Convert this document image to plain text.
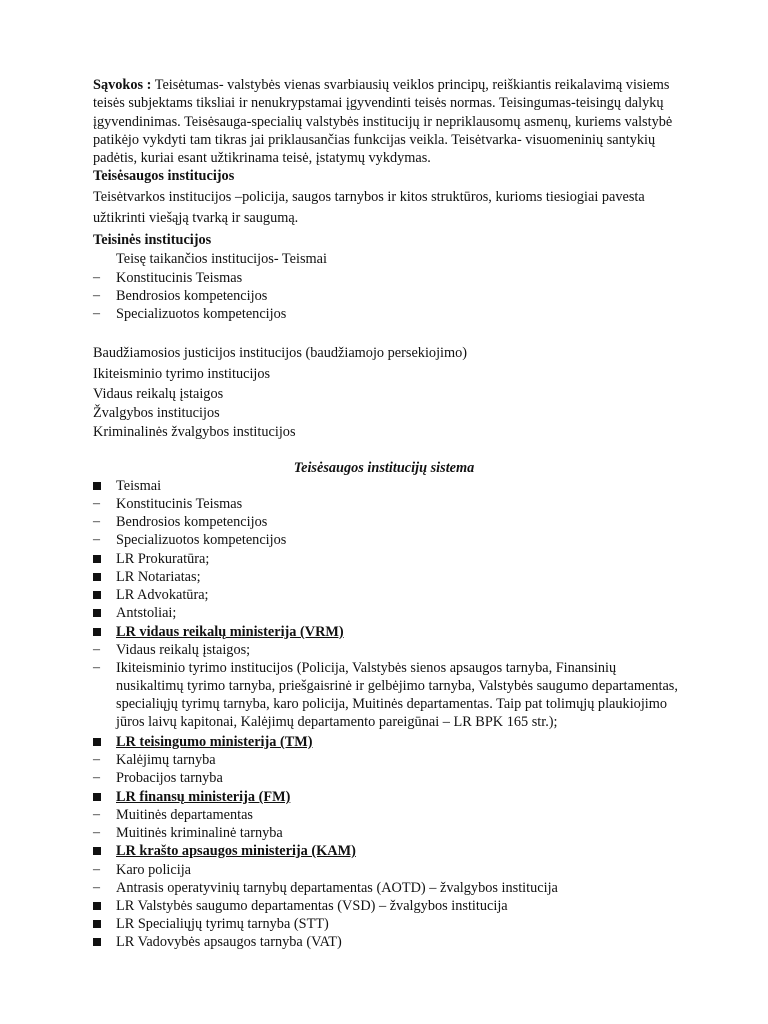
Sąvokos : Teisėtumas- valstybės vienas svarbiausių veiklos principų, reiškiantis reikalavimą visiems
teisės subjektams tiksliai ir nenukrypstamai įgyvendinti teisės normas. Teisingumas-teisingų dalykų
įgyvendinimas. Teisėsauga-specialių valstybės institucijų ir nepriklausomų asmenų, kuriems valstybė
patikėjo vykdyti tam tikras jai priklausančias funkcijas veikla. Teisėtvarka- visuomeninių santykių
padėtis, kuriai esant užtikrinama teisė, įstatymų vykdymas.
Teisėsaugos institucijos
Teisėtvarkos institucijos –policija, saugos tarnybos ir kitos struktūros, kurioms tiesiogiai pavesta
užtikrinti viešąją tvarką ir saugumą.
Teisinės institucijos
Teisę taikančios institucijos- Teismai
– Konstitucinis Teismas
– Bendrosios kompetencijos
– Specializuotos kompetencijos
Baudžiamosios justicijos institucijos (baudžiamojo persekiojimo)
Ikiteisminio tyrimo institucijos
Vidaus reikalų įstaigos
Žvalgybos institucijos
Kriminalinės žvalgybos institucijos
Teisėsaugos institucijų sistema
Teismai
– Konstitucinis Teismas
– Bendrosios kompetencijos
– Specializuotos kompetencijos
LR Prokuratūra;
LR Notariatas;
LR Advokatūra;
Antstoliai;
LR vidaus reikalų ministerija (VRM)
– Vidaus reikalų įstaigos;
– Ikiteisminio tyrimo institucijos (Policija, Valstybės sienos apsaugos tarnyba, Finansinių
nusikaltimų tyrimo tarnyba, priešgaisrinė ir gelbėjimo tarnyba, Valstybės saugumo departamentas,
specialiųjų tyrimų tarnyba, karo policija, Muitinės departamentas. Taip pat tolimųjų plaukiojimo
jūros laivų kapitonai, Kalėjimų departamento pareigūnai – LR BPK 165 str.);
LR teisingumo ministerija (TM)
– Kalėjimų tarnyba
– Probacijos tarnyba
LR finansų ministerija (FM)
– Muitinės departamentas
– Muitinės kriminalinė tarnyba
LR krašto apsaugos ministerija (KAM)
– Karo policija
– Antrasis operatyvinių tarnybų departamentas (AOTD) – žvalgybos institucija
LR Valstybės saugumo departamentas (VSD) – žvalgybos institucija
LR Specialiųjų tyrimų tarnyba (STT)
LR Vadovybės apsaugos tarnyba (VAT)
